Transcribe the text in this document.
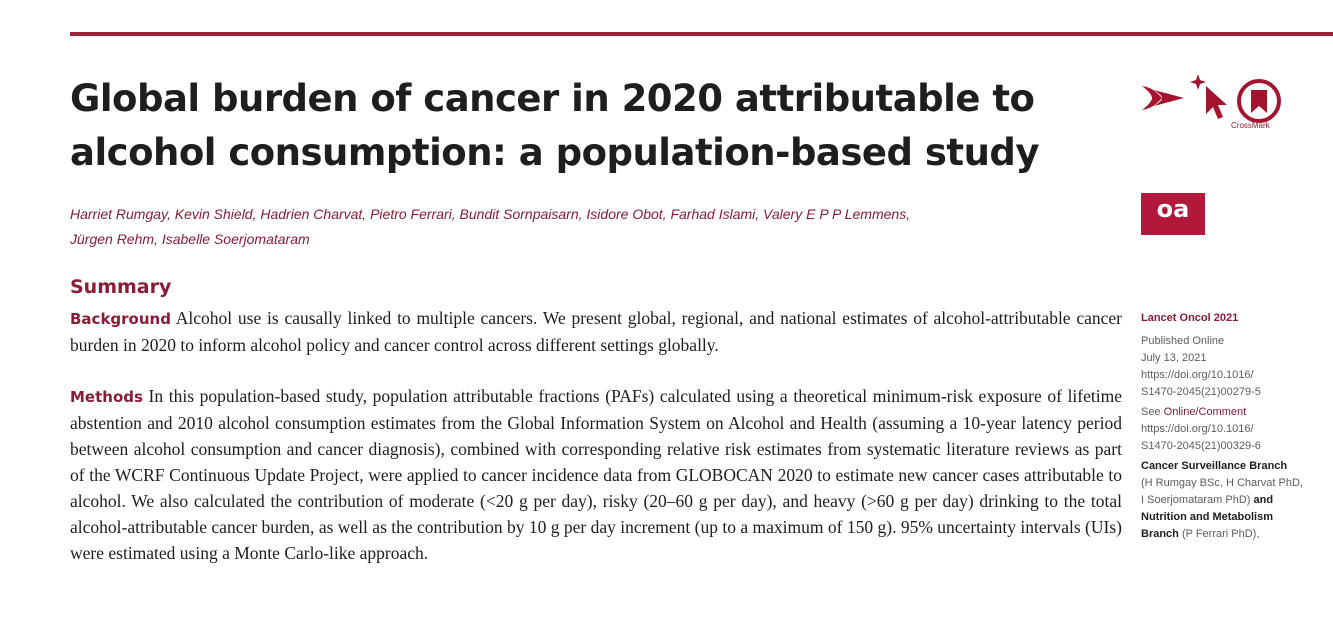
Global burden of cancer in 2020 attributable to alcohol consumption: a population-based study
Harriet Rumgay, Kevin Shield, Hadrien Charvat, Pietro Ferrari, Bundit Sornpaisarn, Isidore Obot, Farhad Islami, Valery E P P Lemmens,
Jürgen Rehm, Isabelle Soerjomataram
Summary
Background Alcohol use is causally linked to multiple cancers. We present global, regional, and national estimates of alcohol-attributable cancer burden in 2020 to inform alcohol policy and cancer control across different settings globally.
Methods In this population-based study, population attributable fractions (PAFs) calculated using a theoretical minimum-risk exposure of lifetime abstention and 2010 alcohol consumption estimates from the Global Information System on Alcohol and Health (assuming a 10-year latency period between alcohol consumption and cancer diagnosis), combined with corresponding relative risk estimates from systematic literature reviews as part of the WCRF Continuous Update Project, were applied to cancer incidence data from GLOBOCAN 2020 to estimate new cancer cases attributable to alcohol. We also calculated the contribution of moderate (<20 g per day), risky (20–60 g per day), and heavy (>60 g per day) drinking to the total alcohol-attributable cancer burden, as well as the contribution by 10 g per day increment (up to a maximum of 150 g). 95% uncertainty intervals (UIs) were estimated using a Monte Carlo-like approach.
CrossMark
oa
Lancet Oncol 2021
Published Online
July 13, 2021
https://doi.org/10.1016/
S1470-2045(21)00279-5
See Online/Comment
https://doi.org/10.1016/
S1470-2045(21)00329-6
Cancer Surveillance Branch
(H Rumgay BSc, H Charvat PhD,
I Soerjomataram PhD) and
Nutrition and Metabolism
Branch (P Ferrari PhD),
